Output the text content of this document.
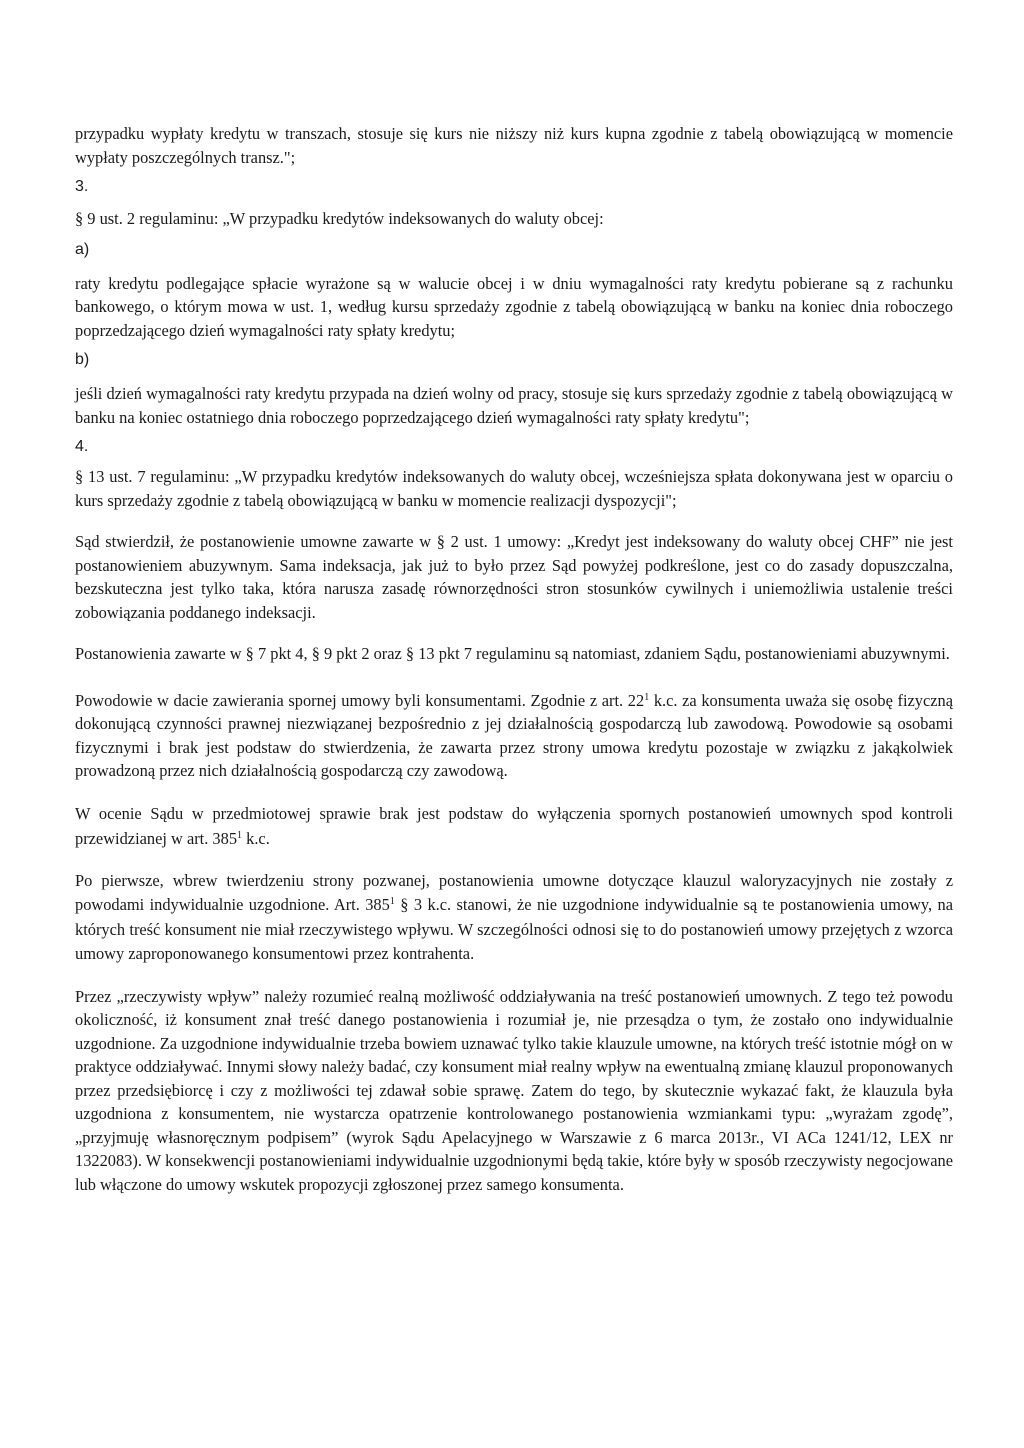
przypadku wypłaty kredytu w transzach, stosuje się kurs nie niższy niż kurs kupna zgodnie z tabelą obowiązującą w momencie wypłaty poszczególnych transz.";

3.

§ 9 ust. 2 regulaminu: „W przypadku kredytów indeksowanych do waluty obcej:

a)

raty kredytu podlegające spłacie wyrażone są w walucie obcej i w dniu wymagalności raty kredytu pobierane są z rachunku bankowego, o którym mowa w ust. 1, według kursu sprzedaży zgodnie z tabelą obowiązującą w banku na koniec dnia roboczego poprzedzającego dzień wymagalności raty spłaty kredytu;

b)

jeśli dzień wymagalności raty kredytu przypada na dzień wolny od pracy, stosuje się kurs sprzedaży zgodnie z tabelą obowiązującą w banku na koniec ostatniego dnia roboczego poprzedzającego dzień wymagalności raty spłaty kredytu";

4.

§ 13 ust. 7 regulaminu: „W przypadku kredytów indeksowanych do waluty obcej, wcześniejsza spłata dokonywana jest w oparciu o kurs sprzedaży zgodnie z tabelą obowiązującą w banku w momencie realizacji dyspozycji";

Sąd stwierdził, że postanowienie umowne zawarte w § 2 ust. 1 umowy: „Kredyt jest indeksowany do waluty obcej CHF” nie jest postanowieniem abuzywnym. Sama indeksacja, jak już to było przez Sąd powyżej podkreślone, jest co do zasady dopuszczalna, bezskuteczna jest tylko taka, która narusza zasadę równorzędności stron stosunków cywilnych i uniemożliwia ustalenie treści zobowiązania poddanego indeksacji.

Postanowienia zawarte w § 7 pkt 4, § 9 pkt 2 oraz § 13 pkt 7 regulaminu są natomiast, zdaniem Sądu, postanowieniami abuzywnymi.

Powodowie w dacie zawierania spornej umowy byli konsumentami. Zgodnie z art. $22^1$ k.c. za konsumenta uważa się osobę fizyczną dokonującą czynności prawnej niezwiązanej bezpośrednio z jej działalnością gospodarczą lub zawodową. Powodowie są osobami fizycznymi i brak jest podstaw do stwierdzenia, że zawarta przez strony umowa kredytu pozostaje w związku z jakąkolwiek prowadzoną przez nich działalnością gospodarczą czy zawodową.

W ocenie Sądu w przedmiotowej sprawie brak jest podstaw do wyłączenia spornych postanowień umownych spod kontroli przewidzianej w art. $385^1$ k.c.

Po pierwsze, wbrew twierdzeniu strony pozwanej, postanowienia umowne dotyczące klauzul waloryzacyjnych nie zostały z powodami indywidualnie uzgodnione. Art. $385^1$ § 3 k.c. stanowi, że nie uzgodnione indywidualnie są te postanowienia umowy, na których treść konsument nie miał rzeczywistego wpływu. W szczególności odnosi się to do postanowień umowy przejętych z wzorca umowy zaproponowanego konsumentowi przez kontrahenta.

Przez „rzeczywisty wpływ” należy rozumieć realną możliwość oddziaływania na treść postanowień umownych. Z tego też powodu okoliczność, iż konsument znał treść danego postanowienia i rozumiał je, nie przesądza o tym, że zostało ono indywidualnie uzgodnione. Za uzgodnione indywidualnie trzeba bowiem uznawać tylko takie klauzule umowne, na których treść istotnie mógł on w praktyce oddziaływać. Innymi słowy należy badać, czy konsument miał realny wpływ na ewentualną zmianę klauzul proponowanych przez przedsiębiorcę i czy z możliwości tej zdawał sobie sprawę. Zatem do tego, by skutecznie wykazać fakt, że klauzula była uzgodniona z konsumentem, nie wystarcza opatrzenie kontrolowanego postanowienia wzmiankami typu: „wyrażam zgodę”, „przyjmuję własnoręcznym podpisem” (wyrok Sądu Apelacyjnego w Warszawie z 6 marca 2013r., VI ACa 1241/12, LEX nr 1322083). W konsekwencji postanowieniami indywidualnie uzgodnionymi będą takie, które były w sposób rzeczywisty negocjowane lub włączone do umowy wskutek propozycji zgłoszonej przez samego konsumenta.
